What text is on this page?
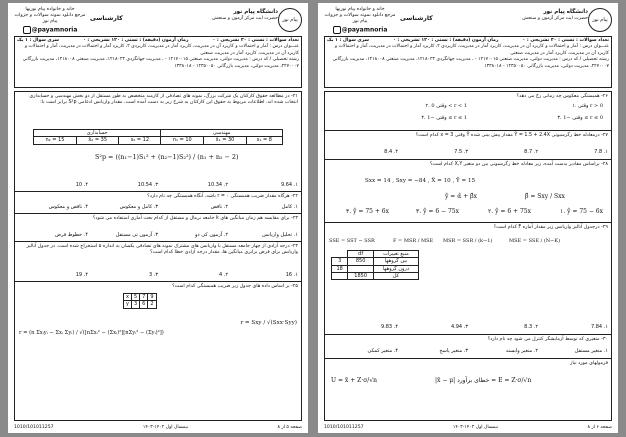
پیام نور
دانشگاه پیام نور
حضرت ایت مرکز آزمون و سنجش
کارشناسی
خانه و خانواده پیام نوریها
مرجع دانلود نمونه سوالات و جزوات پیام نور
@payamnoria
تعداد سوالات : تستی : ۳۰ تشریحی : ۰
زمان آزمون (دقیقه) : تستی : ۱۲۰ تشریحی : ۰
سری سوال : ۱ یک
عنـــوان درس : آمار و احتمالات و کاربرد آن در مدیریت، کاربرد آمار در مدیریت، کاربردی ۲، کاربرد آمار و احتمالات در مدیریت، آمار و احتمالات و کاربرد آن در مدیریت، کاربرد آمار در مدیریت صنعتی
رشته تحصیلی / کد درس : مدیریت دولتی، مدیریت صنعتی ۱۲۱۷۰۰۱۵ - ، مدیریت جهانگردی ۱۲۱۸۰۲۳، مدیریت صنعتی ۱۲۱۸۰۰۸، مدیریت بازرگانی ۲۲۷۰۰۰۷، مدیریت دولتی، مدیریت بازرگانی ۱۲۳۵۰۰۵۰ - ۱۳۳۸۰۱۸
۲۱- در مطالعه حقوق کارکنان یک شرکت بزرگ، نمونه های تصادفی از کارمند متخصص به طور مستقل از دو بخش مهندسی و حسابداری انتخاب شده اند. اطلاعات مربوط به حقوق این کارکنان به شرح زیر به دست آمده است. مقدار واریانس ادغامی S²p برابر است با:
حسابداری			مهندسی		
n₂ = 15	x̄₂ = 35	s₂ = 12	n₁ = 10	x̄₁ = 30	s₁ = 8
S²p = ((n₁−1)S₁² + (n₂−1)S₂²) / (n₁ + n₂ − 2)
۱. 9.64
۲. 10.34
۳. 10.54
۴. 10
۲۲- هرگاه مقدار ضریب همبستگی r = ۰ باشد، آنگاه همبستگی چه نام دارد؟
۱. کامل
۲. ناقص
۳. کامل و معکوس
۴. ناقص و معکوس
۲۳- برای مقایسه هم زمان میانگین های k جامعه نرمال و مستقل از کدام بحث آماری استفاده می شود؟
۱. تحلیل واریانس
۲. آزمون کی دو
۳. آزمون تی مستقل
۴. خطوط فرض
۲۴- درجه آزادی از چهار جامعه مستقل با واریانس های مشترک نمونه های تصادفی یکسان به اندازه ۵ استخراج شده است. در جدول آنالیز واریانس برای فرض برابری میانگین ها، مقدار درجه آزادی خطا کدام است؟
۱. 16
۲. 4
۳. 3
۴. 19
۲۵- بر اساس داده های جدول زیر ضریب همبستگی کدام است؟
x	5	7	9
y	3	6	2
r = Sxy / √(Sxx·Syy)
r = (n Σxᵢyᵢ − Σxᵢ Σyᵢ) / √([nΣxᵢ² − (Σxᵢ)²][nΣyᵢ² − (Σyᵢ)²])
صفحه ۵ از ۸
نیمسال اول ۱۴۰۲-۱۴۰۳
1010/101011257
پیام نور
دانشگاه پیام نور
حضرت ایت مرکز آزمون و سنجش
کارشناسی
خانه و خانواده پیام نوریها
مرجع دانلود نمونه سوالات و جزوات پیام نور
@payamnoria
تعداد سوالات : تستی : ۳۰ تشریحی : ۰
زمان آزمون (دقیقه) : تستی : ۱۲۰ تشریحی : ۰
سری سوال : ۱ یک
عنـــوان درس : آمار و احتمالات و کاربرد آن در مدیریت، کاربرد آمار در مدیریت، کاربردی ۲، کاربرد آمار و احتمالات در مدیریت، آمار و احتمالات و کاربرد آن در مدیریت، کاربرد آمار در مدیریت صنعتی
رشته تحصیلی / کد درس : مدیریت دولتی، مدیریت صنعتی ۱۲۱۷۰۰۱۵ - ، مدیریت جهانگردی ۱۲۱۸۰۲۳، مدیریت صنعتی ۱۲۱۸۰۰۸، مدیریت بازرگانی ۲۲۷۰۰۰۷، مدیریت دولتی، مدیریت بازرگانی ۱۲۳۵۰۰۵۰ - ۱۳۳۸۰۱۸
۲۶- همبستگی معکوس چه زمانی رخ می دهد؟
۱. وقتی r > 0
۲. وقتی 0 < r < 1
۳. وقتی −1 ≤ r ≤ 0
۴. وقتی −1 ≤ r ≤ 1
۲۷- درمعادله خط رگرسیونی Ŷ = 1.5 + 2.4X مقدار پیش بینی شده Ŷ وقتی x = 3 کدام است؟
۱. 7.8
۲. 8.7
۳. 7.5
۴. 8.4
۲۸- براساس مقادیر بدست آمده، زیر معادله خط رگرسیونی بین دو متغیر X,Y کدام است؟
Sxx = 14 , Sxy = −84 , X̄ = 10 , Ȳ = 15
ŷ = α̂ + β̂x	β̂ = Sxy / Sxx
۱. ŷ = 75 − 6x
۲. ŷ = 6 + 75x
۳. ŷ = 6 − 75x
۴. ŷ = 75 + 6x
۲۹- درجدول آنالیز واریانس زیر مقدار آماره F کدام است؟
SSE = SST − SSR	F = MSR / MSE MSR = SSR / (k−1)	MSE = SSE / (N−K)
منبع تغییرات	df	
بین گروهها	850	3
درون گروهها		18
کل	1850	
۱. 7.84
۲. 8.3
۳. 4.94
۴. 9.83
۳۰- متغیری که توسط آزمایشگر کنترل می شود چه نام دارد؟
۱. متغیر مستقل
۲. متغیر وابسته
۳. متغیر پاسخ
۴. متغیر کمکی
فرمولهای مورد نیاز
|x̄ − μ| خطای برآورد = E = Z·σ/√n
U = x̄ + Z·σ/√n
صفحه ۶ از ۸
نیمسال اول ۱۴۰۲-۱۴۰۳
1010/101011257
